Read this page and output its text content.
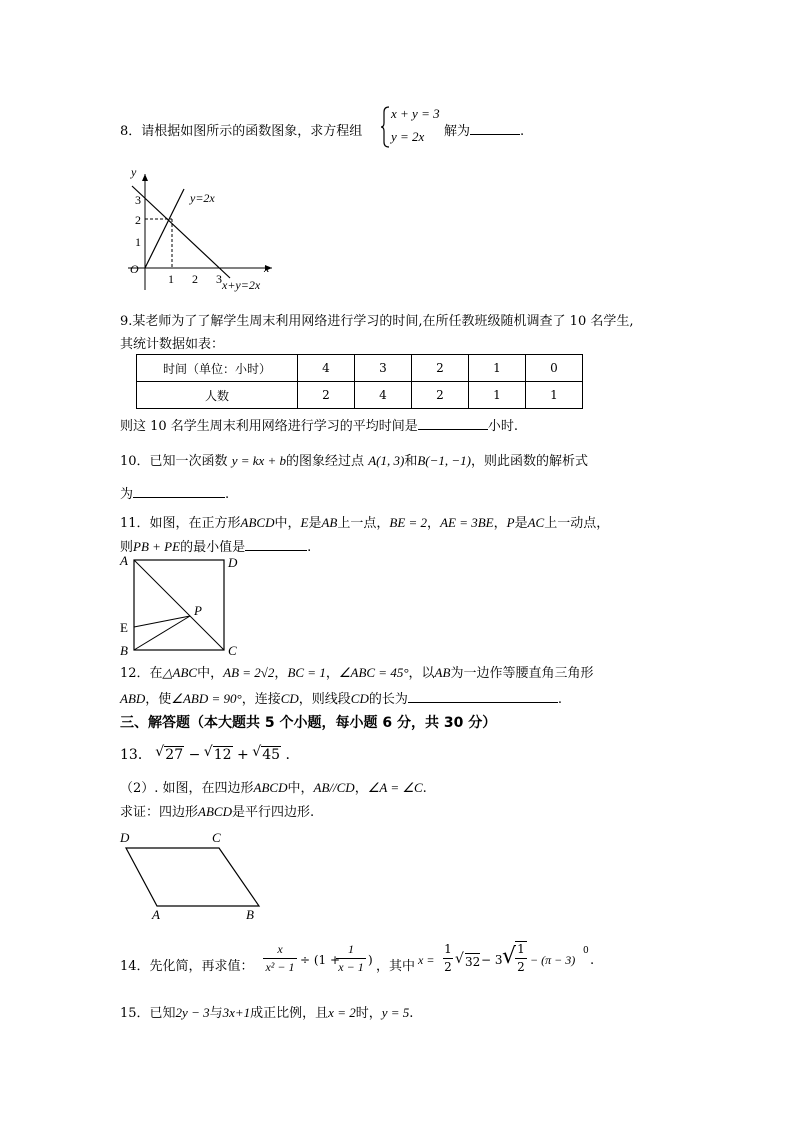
8．请根据如图所示的函数图象，求方程组
x + y = 3
y = 2x 解为	.
y
x
O
1
2
3
1 2 3
y=2x
x+y=2x
9.某老师为了了解学生周末利用网络进行学习的时间,在所任教班级随机调查了 10 名学生,
其统计数据如表：
时间（单位：小时）	4	3	2	1	0
人数	2	4	2	1	1
则这 10 名学生周末利用网络进行学习的平均时间是	小时.
10．已知一次函数 y = kx + b的图象经过点 A(1, 3)和B(−1, −1)，则此函数的解析式
为	.
11．如图，在正方形ABCD中，E是AB上一点，BE = 2，AE = 3BE，P是AC上一动点，
则PB + PE的最小值是	.
A	D
E
P
B	C
12．在△ABC中，AB = 2√2，BC = 1，∠ABC = 45°，以AB为一边作等腰直角三角形
ABD，使∠ABD = 90°，连接CD，则线段CD的长为	.
三、解答题（本大题共 5 个小题，每小题 6 分，共 30 分）
13． √ 27 − √ 12 + √ 45 .
（2）. 如图，在四边形ABCD中，AB//CD，∠A = ∠C.
求证：四边形ABCD是平行四边形.
D	C
A	B
14．先化简，再求值：
x
x² − 1 ÷ (1 +
1
x − 1 ) ，其中 x =
1
2 √ 32 − 3 √ 1
2 − (π − 3)
0
.
15．已知2y − 3与3x+1成正比例，且x = 2时，y = 5.
